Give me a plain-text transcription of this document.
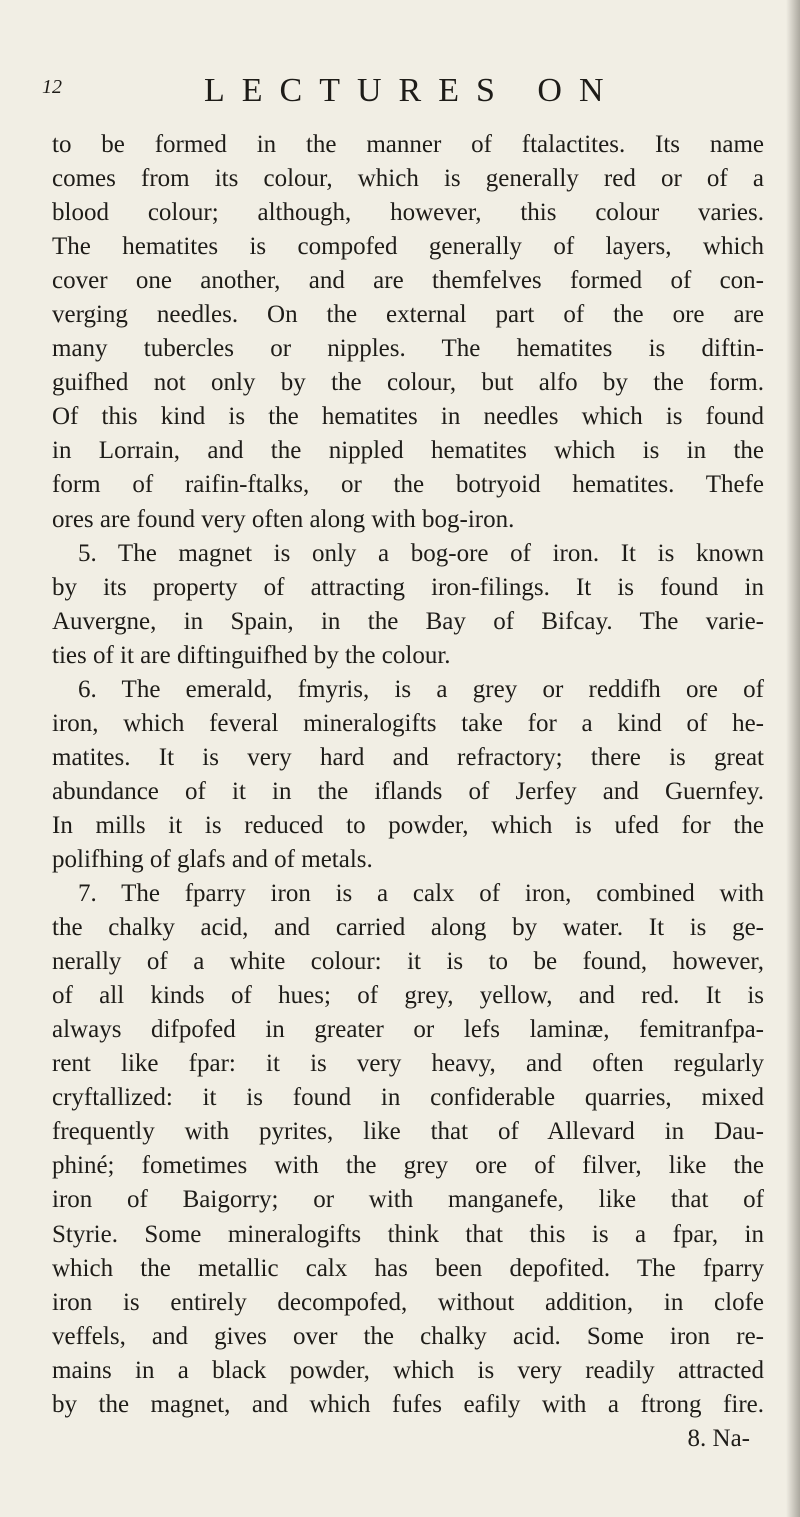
12	LECTURES ON
to be formed in the manner of ftalactites. Its name
comes from its colour, which is generally red or of a
blood colour; although, however, this colour varies.
The hematites is compofed generally of layers, which
cover one another, and are themfelves formed of con-
verging needles. On the external part of the ore are
many tubercles or nipples. The hematites is diftin-
guifhed not only by the colour, but alfo by the form.
Of this kind is the hematites in needles which is found
in Lorrain, and the nippled hematites which is in the
form of raifin-ftalks, or the botryoid hematites. Thefe
ores are found very often along with bog-iron.
5. The magnet is only a bog-ore of iron. It is known
by its property of attracting iron-filings. It is found in
Auvergne, in Spain, in the Bay of Bifcay. The varie-
ties of it are diftinguifhed by the colour.
6. The emerald, fmyris, is a grey or reddifh ore of
iron, which feveral mineralogifts take for a kind of he-
matites. It is very hard and refractory; there is great
abundance of it in the iflands of Jerfey and Guernfey.
In mills it is reduced to powder, which is ufed for the
polifhing of glafs and of metals.
7. The fparry iron is a calx of iron, combined with
the chalky acid, and carried along by water. It is ge-
nerally of a white colour: it is to be found, however,
of all kinds of hues; of grey, yellow, and red. It is
always difpofed in greater or lefs laminæ, femitranfpa-
rent like fpar: it is very heavy, and often regularly
cryftallized: it is found in confiderable quarries, mixed
frequently with pyrites, like that of Allevard in Dau-
phiné; fometimes with the grey ore of filver, like the
iron of Baigorry; or with manganefe, like that of
Styrie. Some mineralogifts think that this is a fpar, in
which the metallic calx has been depofited. The fparry
iron is entirely decompofed, without addition, in clofe
veffels, and gives over the chalky acid. Some iron re-
mains in a black powder, which is very readily attracted
by the magnet, and which fufes eafily with a ftrong fire.
8. Na-
